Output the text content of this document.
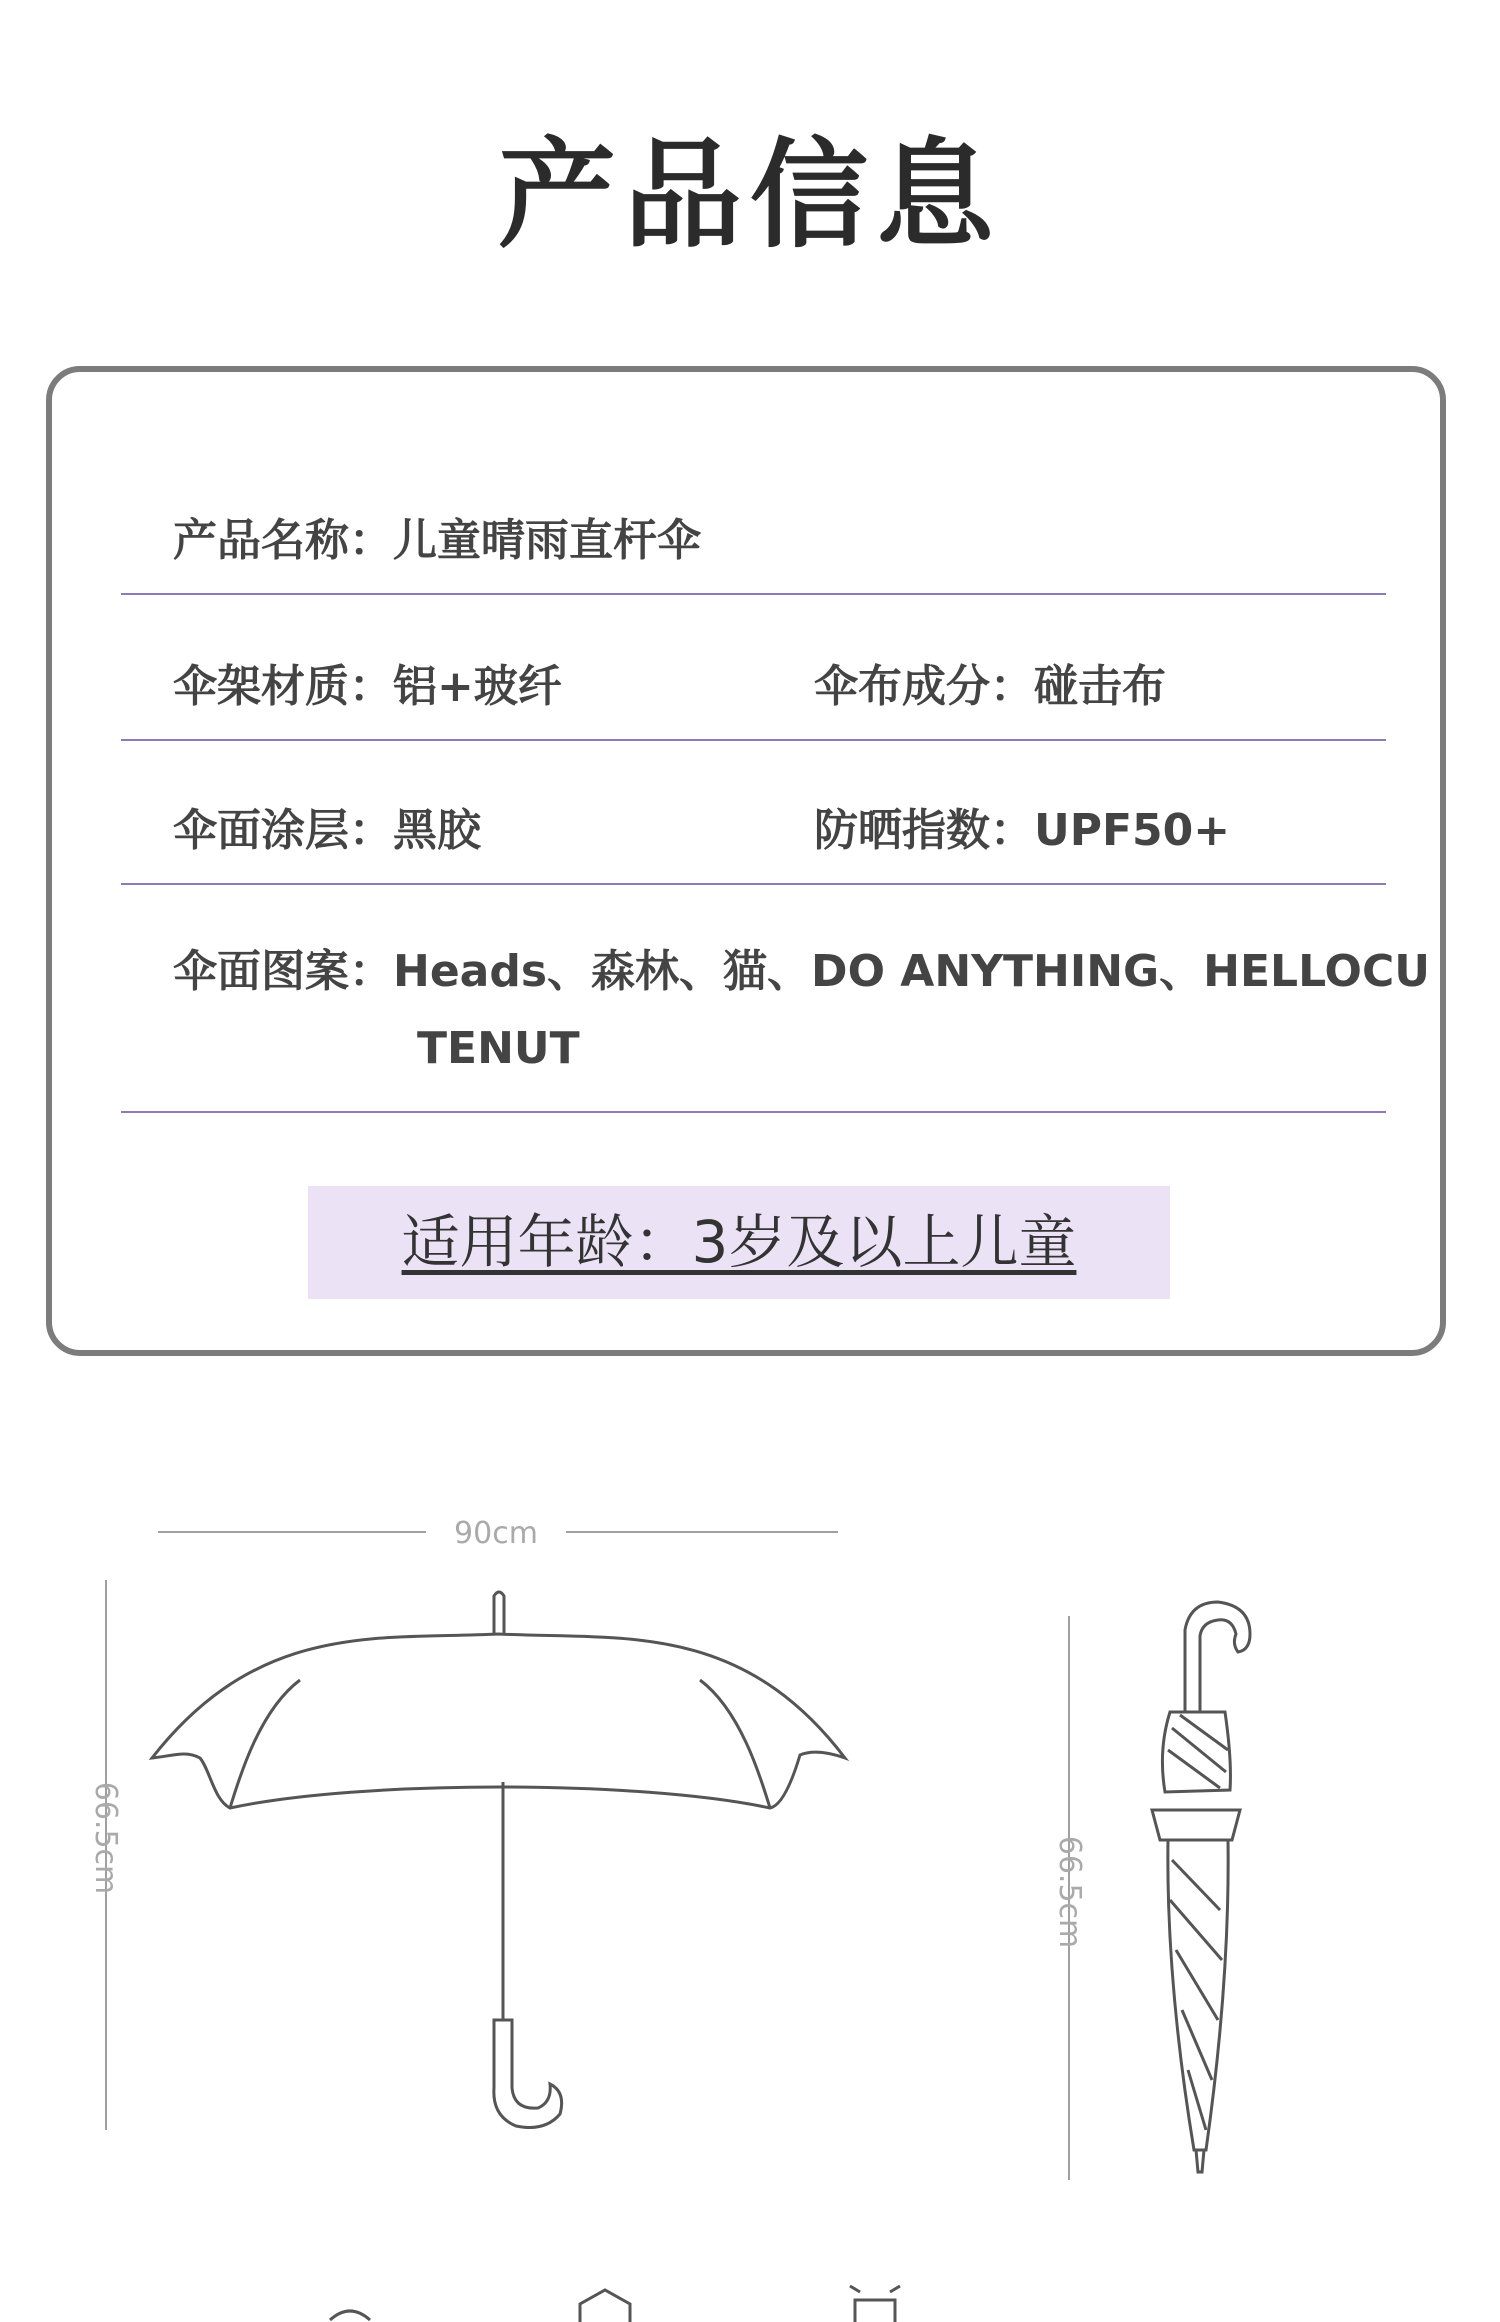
产品信息
产品名称：儿童晴雨直杆伞
伞架材质：铝+玻纤	伞布成分：碰击布
伞面涂层：黑胶	防晒指数：UPF50+
伞面图案：Heads、森林、猫、DO ANYTHING、HELLOCU
TENUT
适用年龄：3岁及以上儿童
90cm
66.5cm	66.5cm
